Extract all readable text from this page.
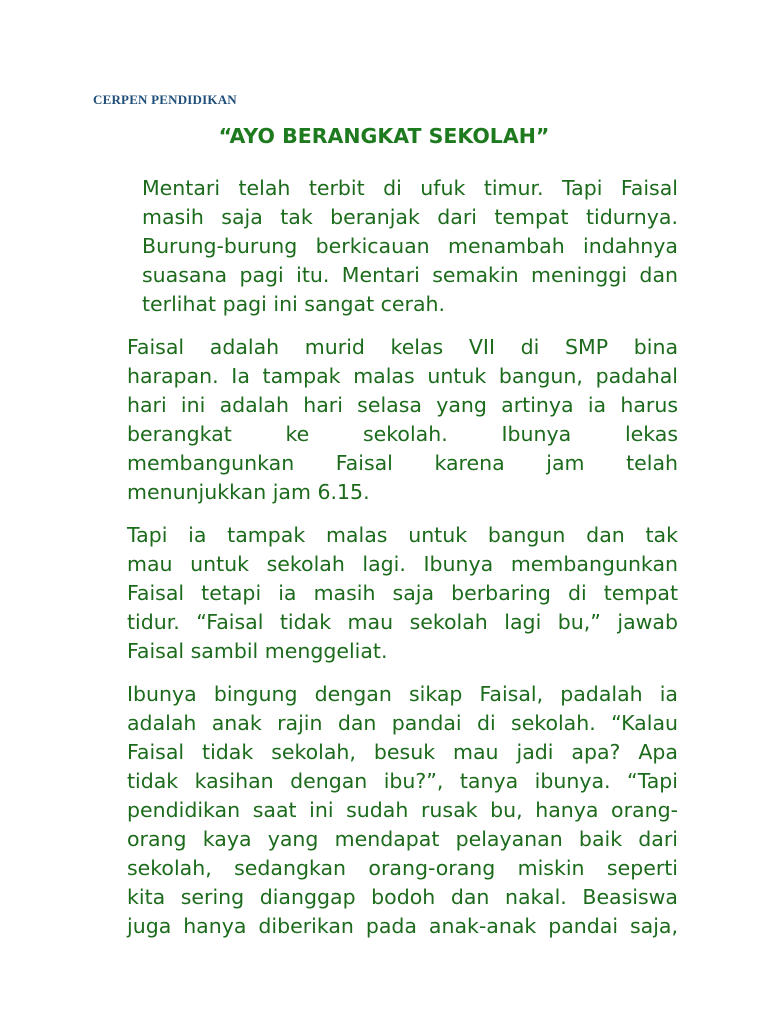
CERPEN PENDIDIKAN
“AYO BERANGKAT SEKOLAH”

Mentari telah terbit di ufuk timur. Tapi Faisal
masih saja tak beranjak dari tempat tidurnya.
Burung-burung berkicauan menambah indahnya
suasana pagi itu. Mentari semakin meninggi dan
terlihat pagi ini sangat cerah.

Faisal adalah murid kelas VII di SMP bina
harapan. Ia tampak malas untuk bangun, padahal
hari ini adalah hari selasa yang artinya ia harus
berangkat ke sekolah. Ibunya lekas
membangunkan Faisal karena jam telah
menunjukkan jam 6.15.

Tapi ia tampak malas untuk bangun dan tak
mau untuk sekolah lagi. Ibunya membangunkan
Faisal tetapi ia masih saja berbaring di tempat
tidur. “Faisal tidak mau sekolah lagi bu,” jawab
Faisal sambil menggeliat.

Ibunya bingung dengan sikap Faisal, padalah ia
adalah anak rajin dan pandai di sekolah. “Kalau
Faisal tidak sekolah, besuk mau jadi apa? Apa
tidak kasihan dengan ibu?”, tanya ibunya. “Tapi
pendidikan saat ini sudah rusak bu, hanya orang-
orang kaya yang mendapat pelayanan baik dari
sekolah, sedangkan orang-orang miskin seperti
kita sering dianggap bodoh dan nakal. Beasiswa
juga hanya diberikan pada anak-anak pandai saja,
